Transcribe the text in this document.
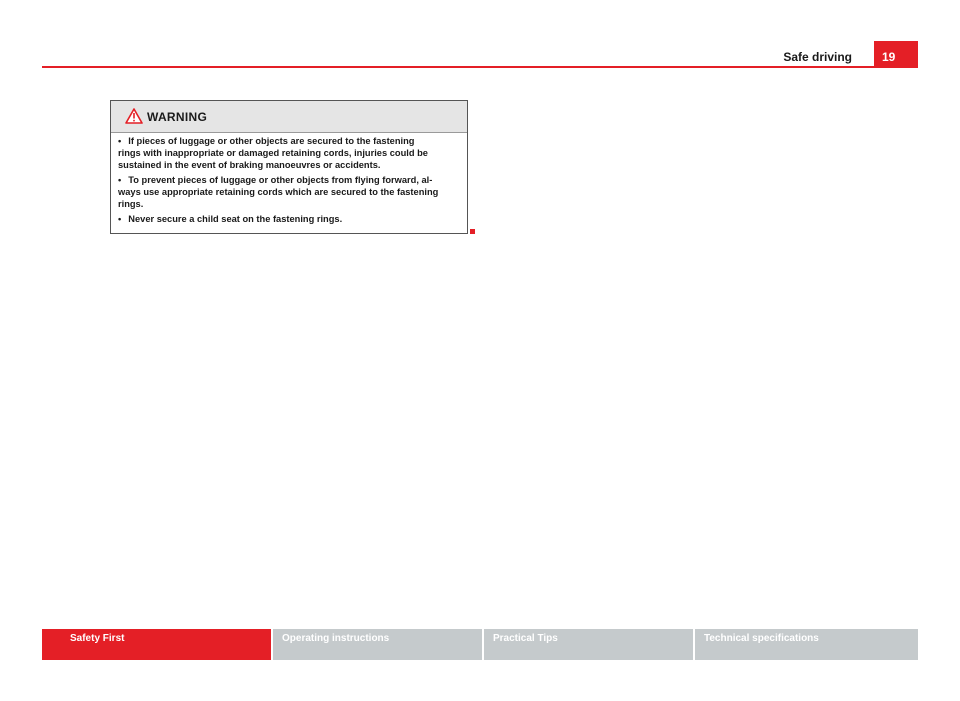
Safe driving	19
WARNING
• If pieces of luggage or other objects are secured to the fastening
rings with inappropriate or damaged retaining cords, injuries could be
sustained in the event of braking manoeuvres or accidents.
• To prevent pieces of luggage or other objects from flying forward, al-
ways use appropriate retaining cords which are secured to the fastening
rings.
• Never secure a child seat on the fastening rings.
Safety First	Operating instructions	Practical Tips	Technical specifications
